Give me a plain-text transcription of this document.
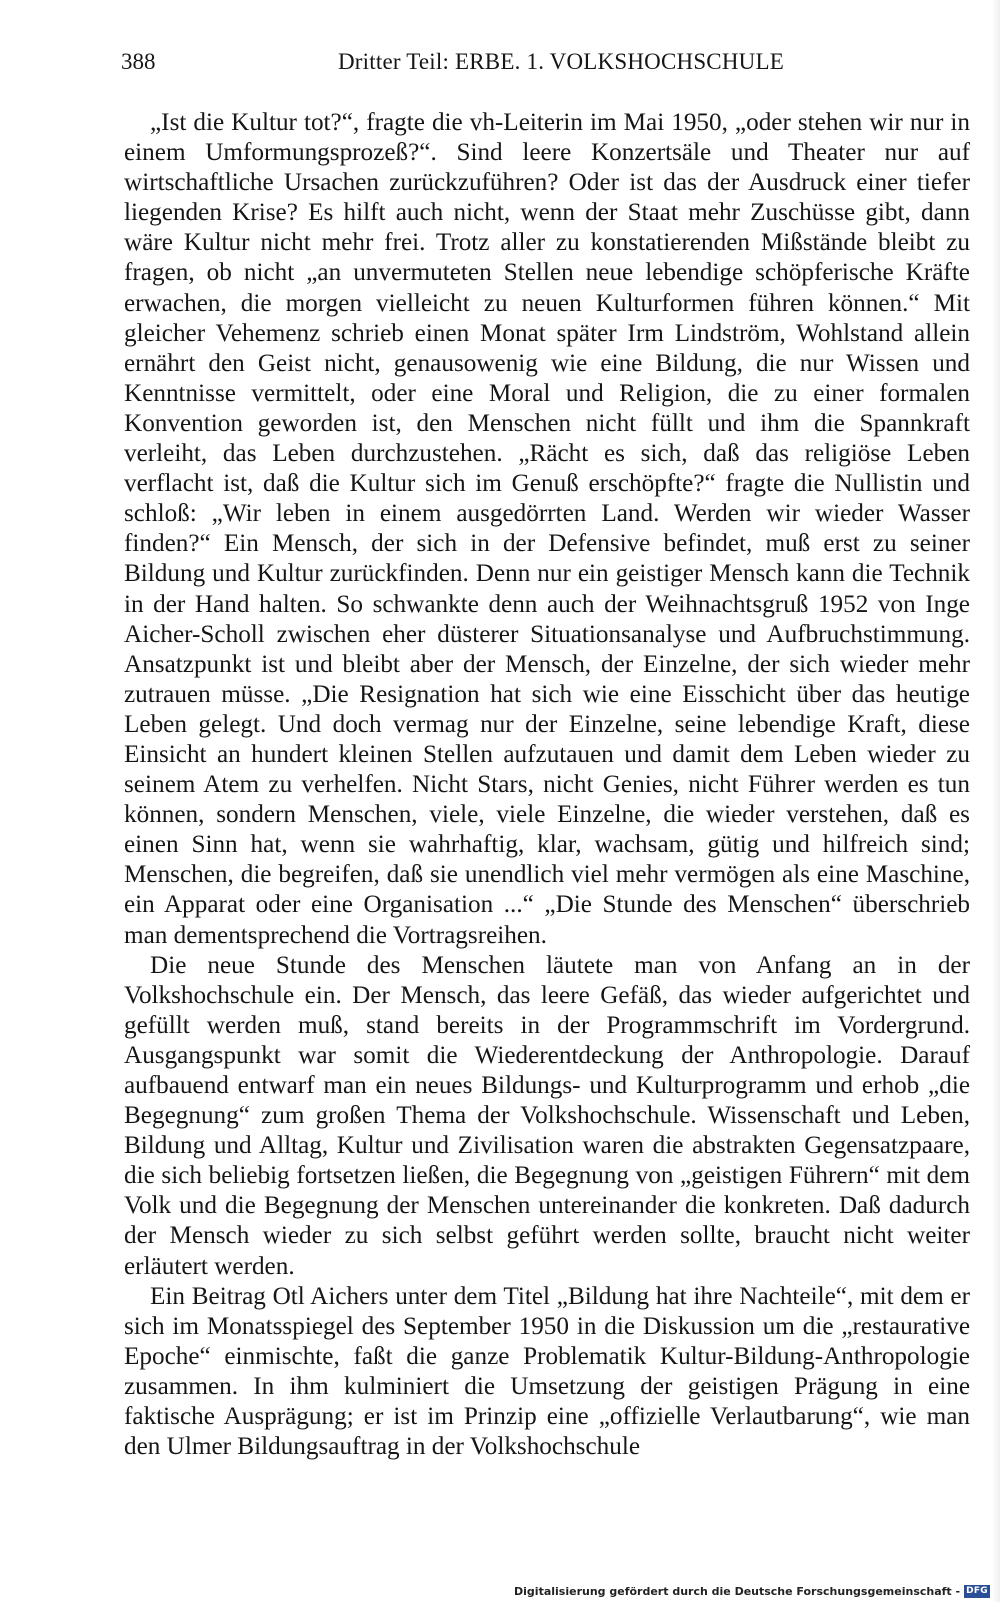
388	Dritter Teil: ERBE. 1. VOLKSHOCHSCHULE

„Ist die Kultur tot?“, fragte die vh-Leiterin im Mai 1950, „oder stehen wir nur in einem Umformungsprozeß?“. Sind leere Konzertsäle und Theater nur auf wirtschaftliche Ursachen zurückzuführen? Oder ist das der Ausdruck einer tiefer liegenden Krise? Es hilft auch nicht, wenn der Staat mehr Zuschüsse gibt, dann wäre Kultur nicht mehr frei. Trotz aller zu konstatierenden Mißstände bleibt zu fragen, ob nicht „an unvermuteten Stellen neue lebendige schöpferische Kräfte erwachen, die morgen vielleicht zu neuen Kulturformen führen können.“ Mit gleicher Vehemenz schrieb einen Monat später Irm Lindström, Wohlstand allein ernährt den Geist nicht, genausowenig wie eine Bildung, die nur Wissen und Kenntnisse vermittelt, oder eine Moral und Religion, die zu einer formalen Konvention geworden ist, den Menschen nicht füllt und ihm die Spannkraft verleiht, das Leben durchzustehen. „Rächt es sich, daß das religiöse Leben verflacht ist, daß die Kultur sich im Genuß erschöpfte?“ fragte die Nullistin und schloß: „Wir leben in einem ausgedörrten Land. Werden wir wieder Wasser finden?“ Ein Mensch, der sich in der Defensive befindet, muß erst zu seiner Bildung und Kultur zurückfinden. Denn nur ein geistiger Mensch kann die Technik in der Hand halten. So schwankte denn auch der Weihnachtsgruß 1952 von Inge Aicher-Scholl zwischen eher düsterer Situationsanalyse und Aufbruchstimmung. Ansatzpunkt ist und bleibt aber der Mensch, der Einzelne, der sich wieder mehr zutrauen müsse. „Die Resignation hat sich wie eine Eisschicht über das heutige Leben gelegt. Und doch vermag nur der Einzelne, seine lebendige Kraft, diese Einsicht an hundert kleinen Stellen aufzutauen und damit dem Leben wieder zu seinem Atem zu verhelfen. Nicht Stars, nicht Genies, nicht Führer werden es tun können, sondern Menschen, viele, viele Einzelne, die wieder verstehen, daß es einen Sinn hat, wenn sie wahrhaftig, klar, wachsam, gütig und hilfreich sind; Menschen, die begreifen, daß sie unendlich viel mehr vermögen als eine Maschine, ein Apparat oder eine Organisation ...“ „Die Stunde des Menschen“ überschrieb man dementsprechend die Vortragsreihen.

Die neue Stunde des Menschen läutete man von Anfang an in der Volkshochschule ein. Der Mensch, das leere Gefäß, das wieder aufgerichtet und gefüllt werden muß, stand bereits in der Programmschrift im Vordergrund. Ausgangspunkt war somit die Wiederentdeckung der Anthropologie. Darauf aufbauend entwarf man ein neues Bildungs- und Kulturprogramm und erhob „die Begegnung“ zum großen Thema der Volkshochschule. Wissenschaft und Leben, Bildung und Alltag, Kultur und Zivilisation waren die abstrakten Gegensatzpaare, die sich beliebig fortsetzen ließen, die Begegnung von „geistigen Führern“ mit dem Volk und die Begegnung der Menschen untereinander die konkreten. Daß dadurch der Mensch wieder zu sich selbst geführt werden sollte, braucht nicht weiter erläutert werden.

Ein Beitrag Otl Aichers unter dem Titel „Bildung hat ihre Nachteile“, mit dem er sich im Monatsspiegel des September 1950 in die Diskussion um die „restaurative Epoche“ einmischte, faßt die ganze Problematik Kultur-Bildung-Anthropologie zusammen. In ihm kulminiert die Umsetzung der geistigen Prägung in eine faktische Ausprägung; er ist im Prinzip eine „offizielle Verlautbarung“, wie man den Ulmer Bildungsauftrag in der Volkshochschule

Digitalisierung gefördert durch die Deutsche Forschungsgemeinschaft - DFG
